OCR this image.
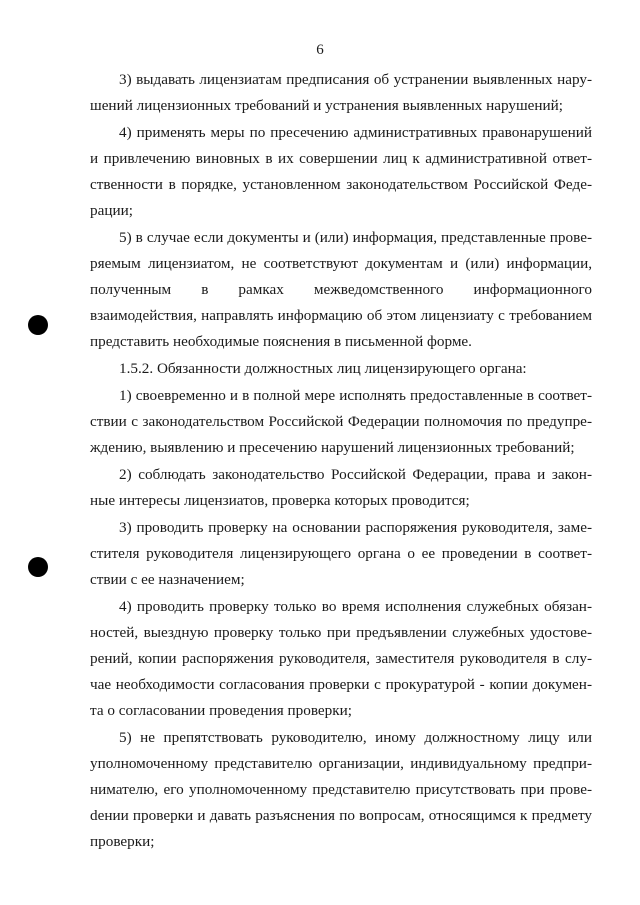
6

3) выдавать лицензиатам предписания об устранении выявленных нарушений лицензионных требований и устранения выявленных нарушений;

4) применять меры по пресечению административных правонарушений и привлечению виновных в их совершении лиц к административной ответственности в порядке, установленном законодательством Российской Федерации;

5) в случае если документы и (или) информация, представленные проверяемым лицензиатом, не соответствуют документам и (или) информации, полученным в рамках межведомственного информационного взаимодействия, направлять информацию об этом лицензиату с требованием представить необходимые пояснения в письменной форме.

1.5.2. Обязанности должностных лиц лицензирующего органа:

1) своевременно и в полной мере исполнять предоставленные в соответствии с законодательством Российской Федерации полномочия по предупреждению, выявлению и пресечению нарушений лицензионных требований;

2) соблюдать законодательство Российской Федерации, права и законные интересы лицензиатов, проверка которых проводится;

3) проводить проверку на основании распоряжения руководителя, заместителя руководителя лицензирующего органа о ее проведении в соответствии с ее назначением;

4) проводить проверку только во время исполнения служебных обязанностей, выездную проверку только при предъявлении служебных удостоверений, копии распоряжения руководителя, заместителя руководителя в случае необходимости согласования проверки с прокуратурой - копии документа о согласовании проведения проверки;

5) не препятствовать руководителю, иному должностному лицу или уполномоченному представителю организации, индивидуальному предпринимателю, его уполномоченному представителю присутствовать при провеdении проверки и давать разъяснения по вопросам, относящимся к предмету проверки;
